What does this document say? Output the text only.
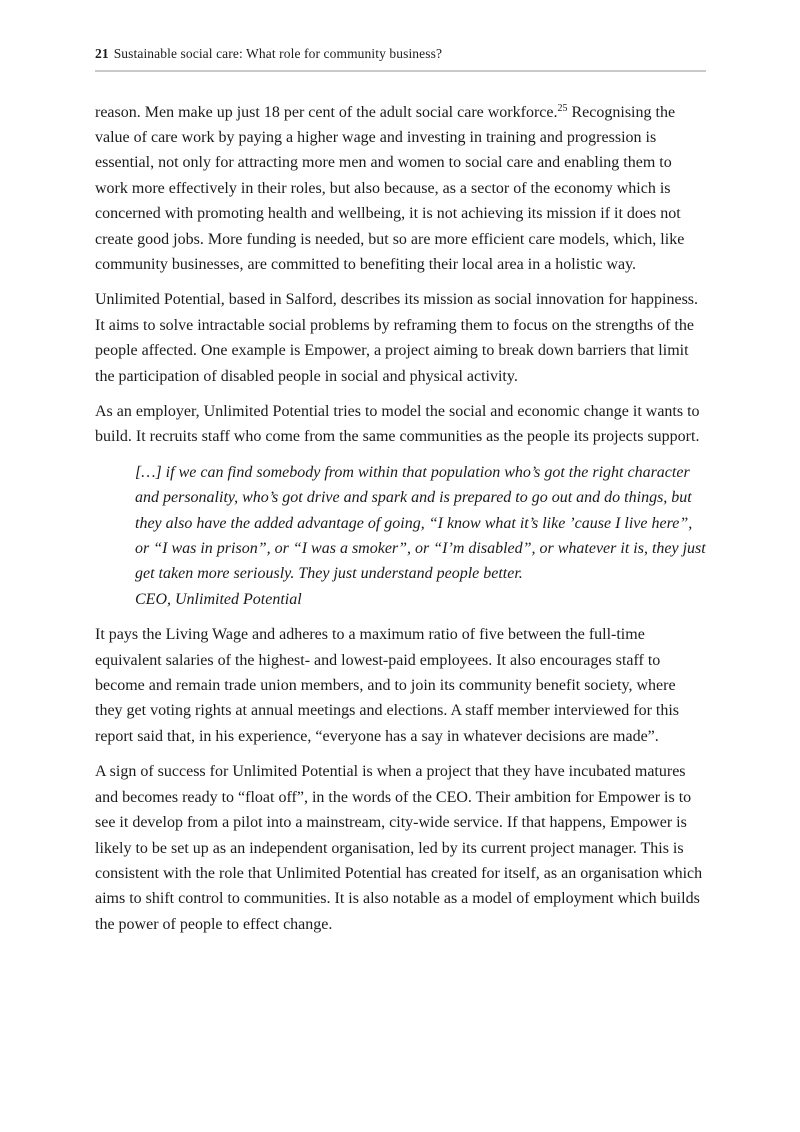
21 Sustainable social care: What role for community business?

reason. Men make up just 18 per cent of the adult social care workforce.$^{25}$ Recognising the value of care work by paying a higher wage and investing in training and progression is essential, not only for attracting more men and women to social care and enabling them to work more effectively in their roles, but also because, as a sector of the economy which is concerned with promoting health and wellbeing, it is not achieving its mission if it does not create good jobs. More funding is needed, but so are more efficient care models, which, like community businesses, are committed to benefiting their local area in a holistic way.

Unlimited Potential, based in Salford, describes its mission as social innovation for happiness. It aims to solve intractable social problems by reframing them to focus on the strengths of the people affected. One example is Empower, a project aiming to break down barriers that limit the participation of disabled people in social and physical activity.

As an employer, Unlimited Potential tries to model the social and economic change it wants to build. It recruits staff who come from the same communities as the people its projects support.

[…] if we can find somebody from within that population who’s got the right character and personality, who’s got drive and spark and is prepared to go out and do things, but they also have the added advantage of going, “I know what it’s like ’cause I live here”, or “I was in prison”, or “I was a smoker”, or “I’m disabled”, or whatever it is, they just get taken more seriously. They just understand people better.

CEO, Unlimited Potential

It pays the Living Wage and adheres to a maximum ratio of five between the full-time equivalent salaries of the highest- and lowest-paid employees. It also encourages staff to become and remain trade union members, and to join its community benefit society, where they get voting rights at annual meetings and elections. A staff member interviewed for this report said that, in his experience, “everyone has a say in whatever decisions are made”.

A sign of success for Unlimited Potential is when a project that they have incubated matures and becomes ready to “float off”, in the words of the CEO. Their ambition for Empower is to see it develop from a pilot into a mainstream, city-wide service. If that happens, Empower is likely to be set up as an independent organisation, led by its current project manager. This is consistent with the role that Unlimited Potential has created for itself, as an organisation which aims to shift control to communities. It is also notable as a model of employment which builds the power of people to effect change.
